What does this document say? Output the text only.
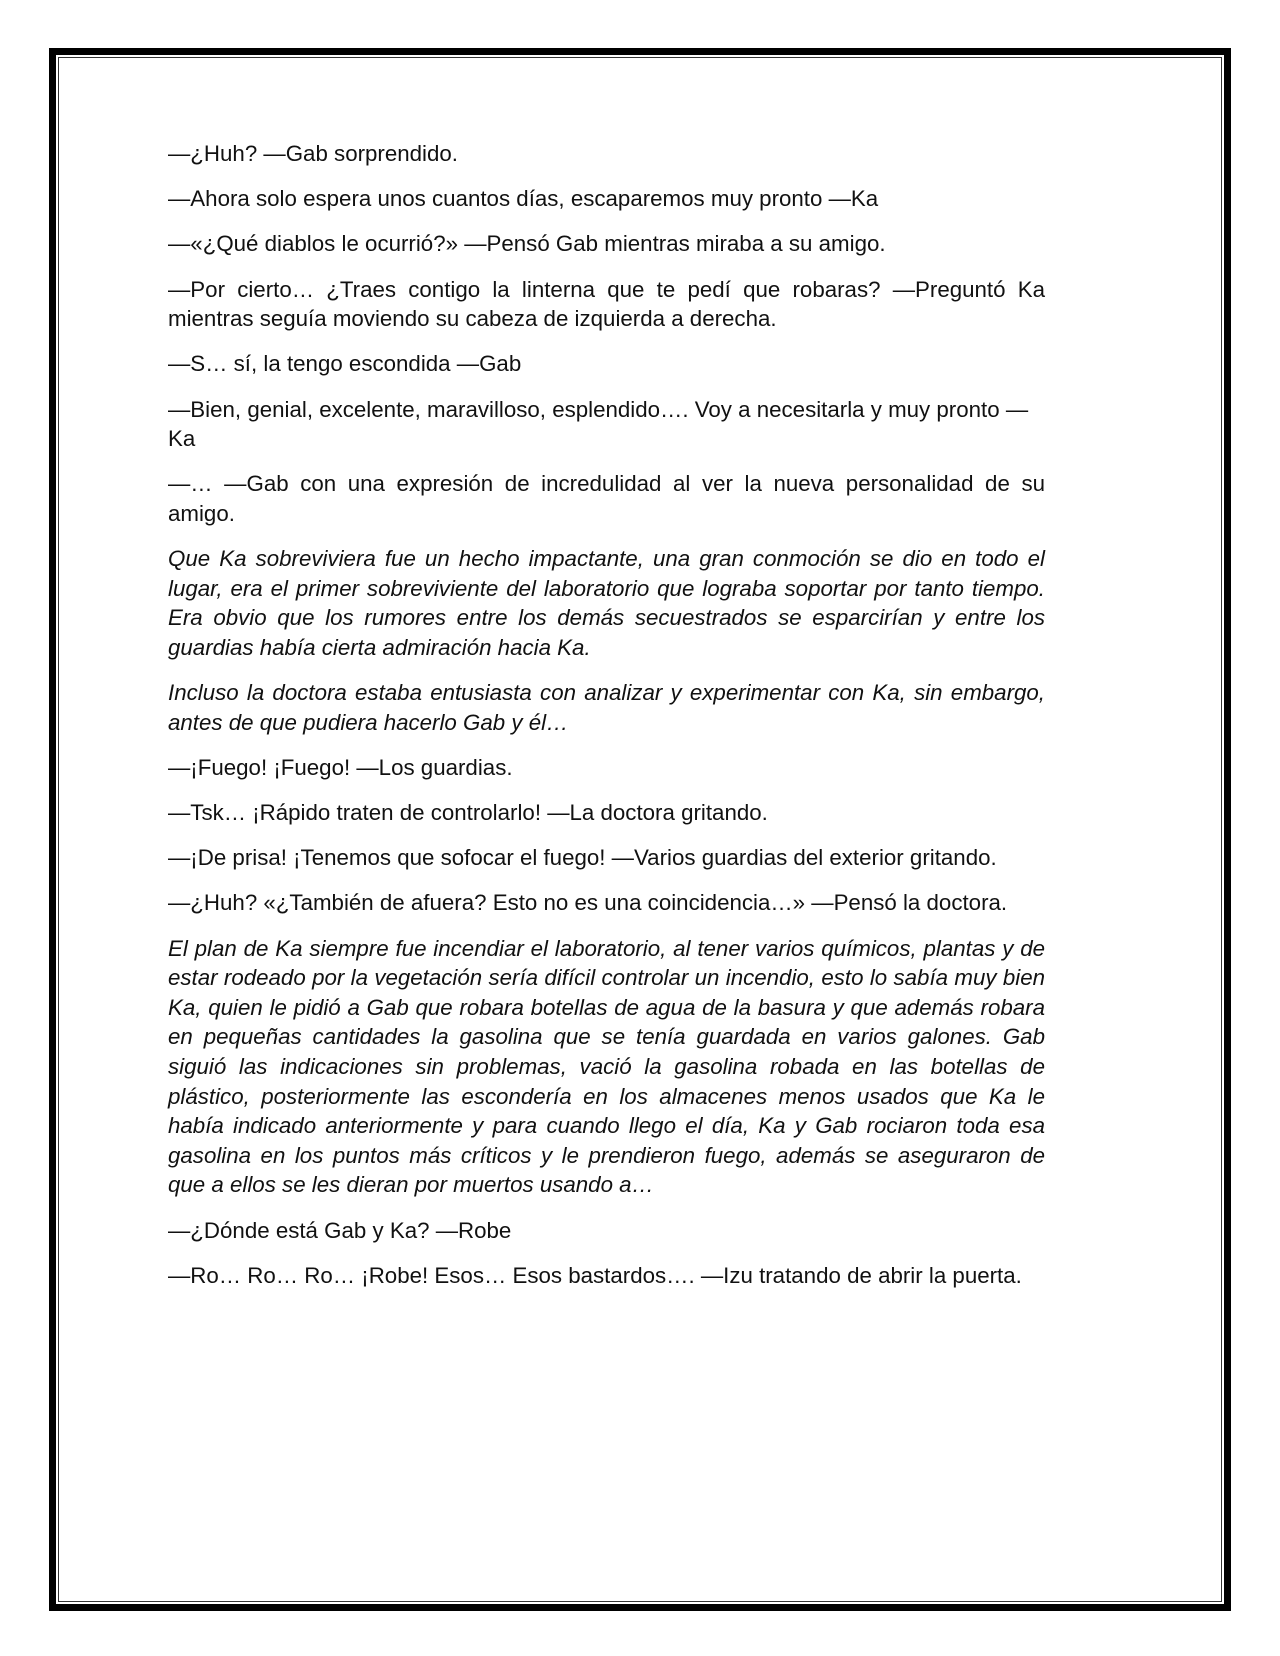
—¿Huh? —Gab sorprendido.

—Ahora solo espera unos cuantos días, escaparemos muy pronto —Ka

—«¿Qué diablos le ocurrió?» —Pensó Gab mientras miraba a su amigo.

—Por cierto… ¿Traes contigo la linterna que te pedí que robaras? —Preguntó Ka mientras seguía moviendo su cabeza de izquierda a derecha.

—S… sí, la tengo escondida —Gab

—Bien, genial, excelente, maravilloso, esplendido…. Voy a necesitarla y muy pronto —Ka

—… —Gab con una expresión de incredulidad al ver la nueva personalidad de su amigo.

Que Ka sobreviviera fue un hecho impactante, una gran conmoción se dio en todo el lugar, era el primer sobreviviente del laboratorio que lograba soportar por tanto tiempo. Era obvio que los rumores entre los demás secuestrados se esparcirían y entre los guardias había cierta admiración hacia Ka.

Incluso la doctora estaba entusiasta con analizar y experimentar con Ka, sin embargo, antes de que pudiera hacerlo Gab y él…

—¡Fuego! ¡Fuego! —Los guardias.

—Tsk… ¡Rápido traten de controlarlo! —La doctora gritando.

—¡De prisa! ¡Tenemos que sofocar el fuego! —Varios guardias del exterior gritando.

—¿Huh? «¿También de afuera? Esto no es una coincidencia…» —Pensó la doctora.

El plan de Ka siempre fue incendiar el laboratorio, al tener varios químicos, plantas y de estar rodeado por la vegetación sería difícil controlar un incendio, esto lo sabía muy bien Ka, quien le pidió a Gab que robara botellas de agua de la basura y que además robara en pequeñas cantidades la gasolina que se tenía guardada en varios galones. Gab siguió las indicaciones sin problemas, vació la gasolina robada en las botellas de plástico, posteriormente las escondería en los almacenes menos usados que Ka le había indicado anteriormente y para cuando llego el día, Ka y Gab rociaron toda esa gasolina en los puntos más críticos y le prendieron fuego, además se aseguraron de que a ellos se les dieran por muertos usando a…

—¿Dónde está Gab y Ka? —Robe

—Ro… Ro… Ro… ¡Robe! Esos… Esos bastardos…. —Izu tratando de abrir la puerta.
